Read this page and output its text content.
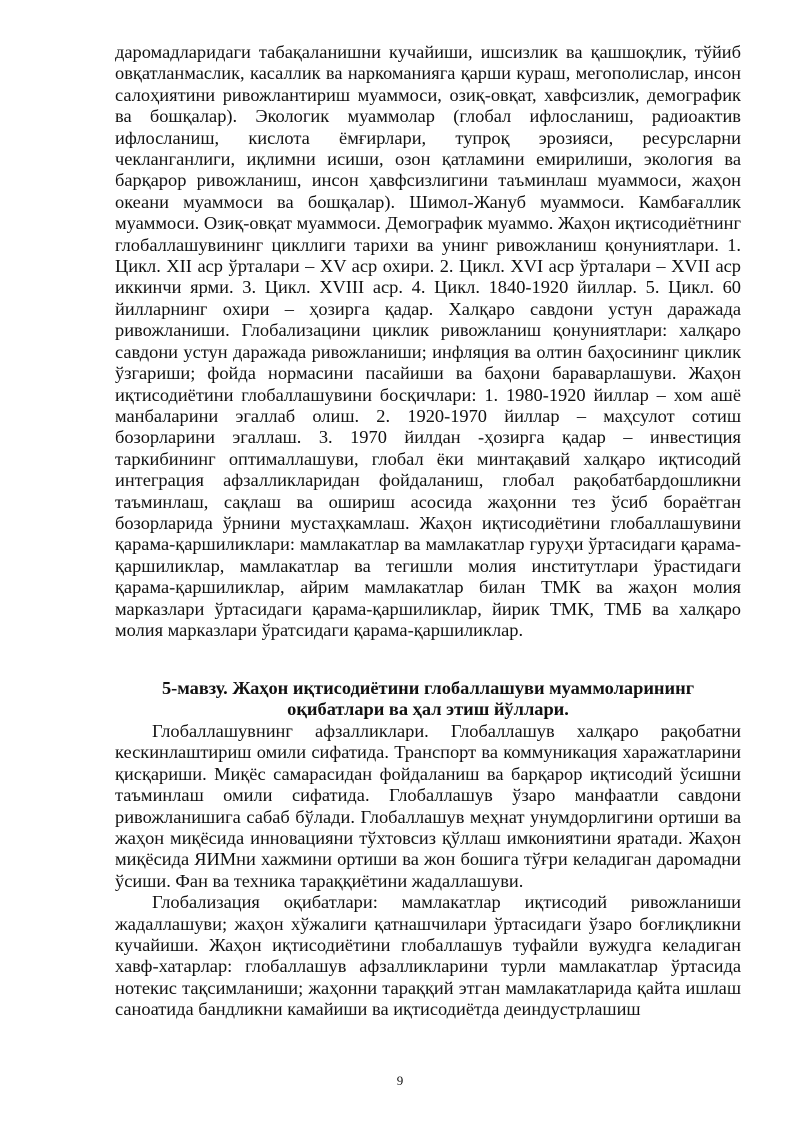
даромадларидаги табақаланишни кучайиши, ишсизлик ва қашшоқлик, тўйиб овқатланмаслик, касаллик ва наркоманияга қарши кураш, мегополислар, инсон салоҳиятини ривожлантириш муаммоси, озиқ-овқат, хавфсизлик, демографик ва бошқалар). Экологик муаммолар (глобал ифлосланиш, радиоактив ифлосланиш, кислота ёмғирлари, тупроқ эрозияси, ресурсларни чекланганлиги, иқлимни исиши, озон қатламини емирилиши, экология ва барқарор ривожланиш, инсон ҳавфсизлигини таъминлаш муаммоси, жаҳон океани муаммоси ва бошқалар). Шимол-Жануб муаммоси. Камбағаллик муаммоси. Озиқ-овқат муаммоси. Демографик муаммо. Жаҳон иқтисодиётнинг глобаллашувининг цикллиги тарихи ва унинг ривожланиш қонуниятлари. 1. Цикл. XII аср ўрталари – XV аср охири. 2. Цикл. XVI аср ўрталари – XVII аср иккинчи ярми. 3. Цикл. XVIII аср. 4. Цикл. 1840-1920 йиллар. 5. Цикл. 60 йилларнинг охири – ҳозирга қадар. Халқаро савдони устун даражада ривожланиши. Глобализацини циклик ривожланиш қонуниятлари: халқаро савдони устун даражада ривожланиши; инфляция ва олтин баҳосининг циклик ўзгариши; фойда нормасини пасайиши ва баҳони бараварлашуви. Жаҳон иқтисодиётини глобаллашувини босқичлари: 1. 1980-1920 йиллар – хом ашё манбаларини эгаллаб олиш. 2. 1920-1970 йиллар – маҳсулот сотиш бозорларини эгаллаш. 3. 1970 йилдан -ҳозирга қадар – инвестиция таркибининг оптималлашуви, глобал ёки минтақавий халқаро иқтисодий интеграция афзалликларидан фойдаланиш, глобал рақобатбардошликни таъминлаш, сақлаш ва ошириш асосида жаҳонни тез ўсиб бораётган бозорларида ўрнини мустаҳкамлаш. Жаҳон иқтисодиётини глобаллашувини қарама-қаршиликлари: мамлакатлар ва мамлакатлар гуруҳи ўртасидаги қарама-қаршиликлар, мамлакатлар ва тегишли молия институтлари ўрастидаги қарама-қаршиликлар, айрим мамлакатлар билан ТМК ва жаҳон молия марказлари ўртасидаги қарама-қаршиликлар, йирик ТМК, ТМБ ва халқаро молия марказлари ўратсидаги қарама-қаршиликлар.

5-мавзу. Жаҳон иқтисодиётини глобаллашуви муаммоларининг
оқибатлари ва ҳал этиш йўллари.

Глобаллашувнинг афзалликлари. Глобаллашув халқаро рақобатни кескинлаштириш омили сифатида. Транспорт ва коммуникация харажатларини қисқариши. Миқёс самарасидан фойдаланиш ва барқарор иқтисодий ўсишни таъминлаш омили сифатида. Глобаллашув ўзаро манфаатли савдони ривожланишига сабаб бўлади. Глобаллашув меҳнат унумдорлигини ортиши ва жаҳон миқёсида инновацияни тўхтовсиз қўллаш имкониятини яратади. Жаҳон миқёсида ЯИМни хажмини ортиши ва жон бошига тўғри келадиган даромадни ўсиши. Фан ва техника тараққиётини жадаллашуви.

Глобализация оқибатлари: мамлакатлар иқтисодий ривожланиши жадаллашуви; жаҳон хўжалиги қатнашчилари ўртасидаги ўзаро боғлиқликни кучайиши. Жаҳон иқтисодиётини глобаллашув туфайли вужудга келадиган хавф-хатарлар: глобаллашув афзалликларини турли мамлакатлар ўртасида нотекис тақсимланиши; жаҳонни тараққий этган мамлакатларида қайта ишлаш саноатида бандликни камайиши ва иқтисодиётда деиндустрлашиш

9
